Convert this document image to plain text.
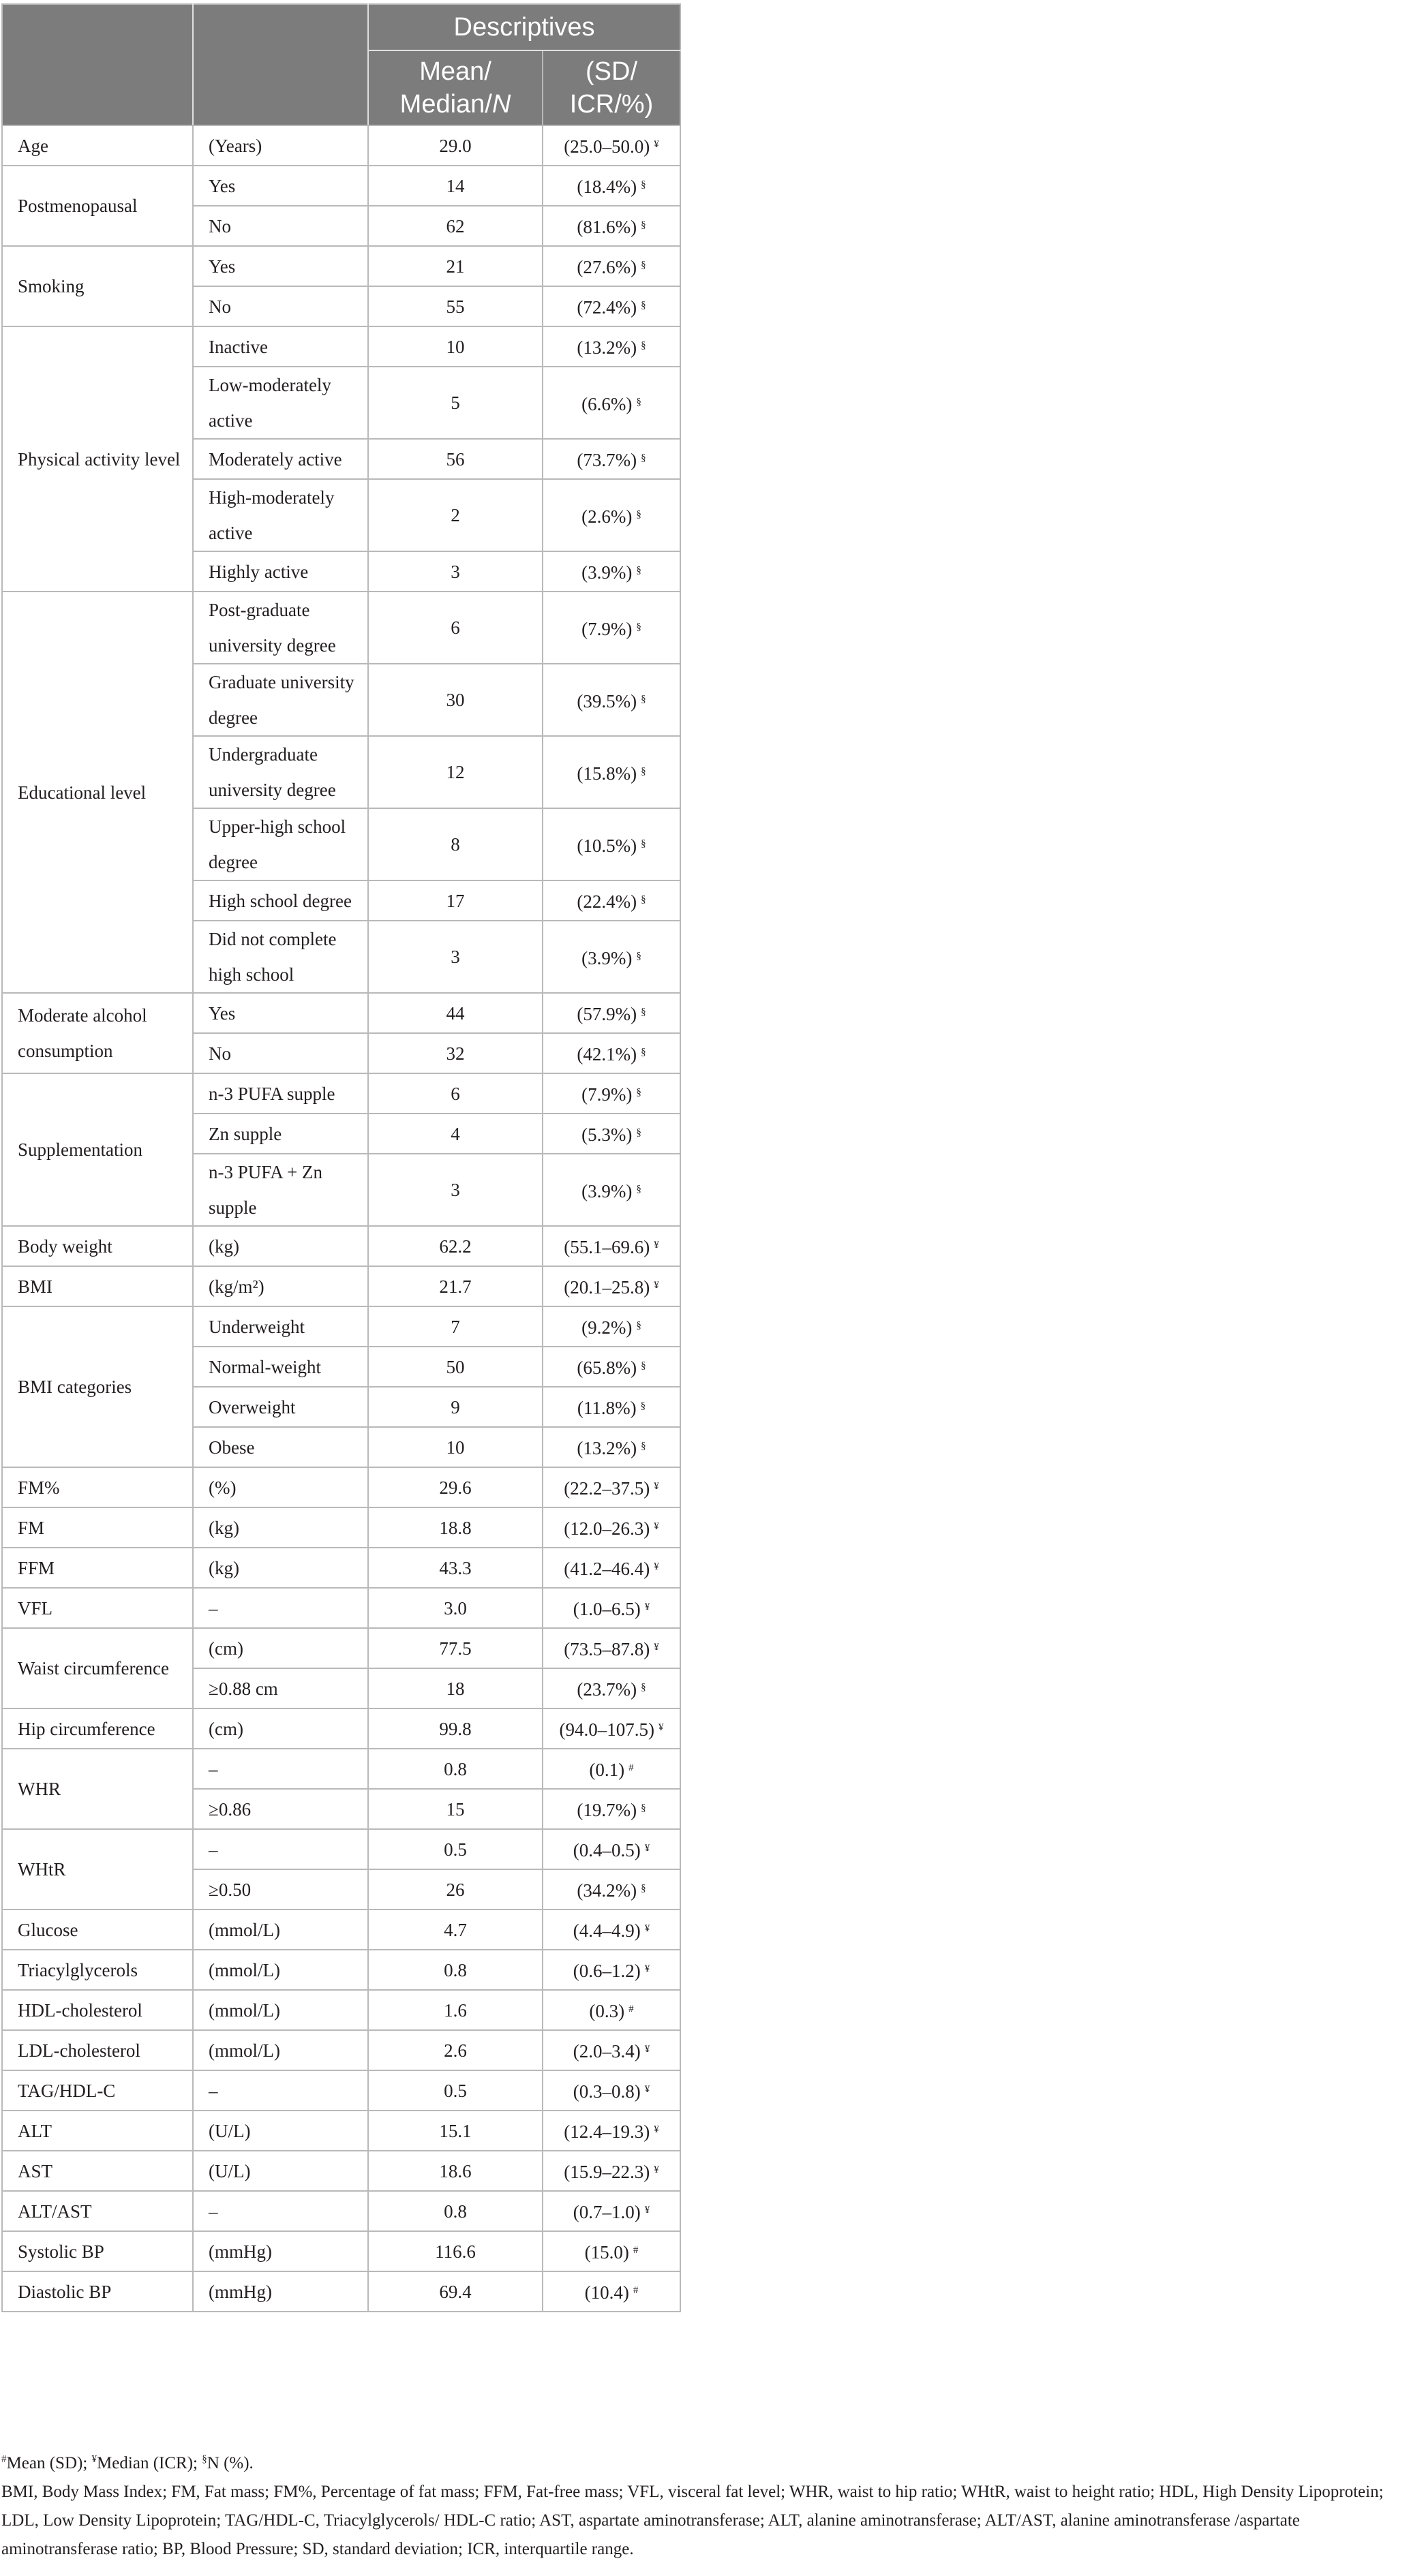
		Descriptives	
		Mean/ Median/N	(SD/ ICR/%)
Age	(Years)	29.0	(25.0–50.0) ¥
Postmenopausal	Yes	14	(18.4%) §
	No	62	(81.6%) §
Smoking	Yes	21	(27.6%) §
	No	55	(72.4%) §
Physical activity level	Inactive	10	(13.2%) §
	Low-moderately active	5	(6.6%) §
	Moderately active	56	(73.7%) §
	High-moderately active	2	(2.6%) §
	Highly active	3	(3.9%) §
Educational level	Post-graduate university degree	6	(7.9%) §
	Graduate university degree	30	(39.5%) §
	Undergraduate university degree	12	(15.8%) §
	Upper-high school degree	8	(10.5%) §
	High school degree	17	(22.4%) §
	Did not complete high school	3	(3.9%) §
Moderate alcohol consumption	Yes	44	(57.9%) §
	No	32	(42.1%) §
Supplementation	n-3 PUFA supple	6	(7.9%) §
	Zn supple	4	(5.3%) §
	n-3 PUFA + Zn supple	3	(3.9%) §
Body weight	(kg)	62.2	(55.1–69.6) ¥
BMI	(kg/m²)	21.7	(20.1–25.8) ¥
BMI categories	Underweight	7	(9.2%) §
	Normal-weight	50	(65.8%) §
	Overweight	9	(11.8%) §
	Obese	10	(13.2%) §
FM%	(%)	29.6	(22.2–37.5) ¥
FM	(kg)	18.8	(12.0–26.3) ¥
FFM	(kg)	43.3	(41.2–46.4) ¥
VFL	–	3.0	(1.0–6.5) ¥
Waist circumference	(cm)	77.5	(73.5–87.8) ¥
	≥0.88 cm	18	(23.7%) §
Hip circumference	(cm)	99.8	(94.0–107.5) ¥
WHR	–	0.8	(0.1) #
	≥0.86	15	(19.7%) §
WHtR	–	0.5	(0.4–0.5) ¥
	≥0.50	26	(34.2%) §
Glucose	(mmol/L)	4.7	(4.4–4.9) ¥
Triacylglycerols	(mmol/L)	0.8	(0.6–1.2) ¥
HDL-cholesterol	(mmol/L)	1.6	(0.3) #
LDL-cholesterol	(mmol/L)	2.6	(2.0–3.4) ¥
TAG/HDL-C	–	0.5	(0.3–0.8) ¥
ALT	(U/L)	15.1	(12.4–19.3) ¥
AST	(U/L)	18.6	(15.9–22.3) ¥
ALT/AST	–	0.8	(0.7–1.0) ¥
Systolic BP	(mmHg)	116.6	(15.0) #
Diastolic BP	(mmHg)	69.4	(10.4) #

#Mean (SD); ¥Median (ICR); §N (%).

BMI, Body Mass Index; FM, Fat mass; FM%, Percentage of fat mass; FFM, Fat-free mass; VFL, visceral fat level; WHR, waist to hip ratio; WHtR, waist to height ratio; HDL, High Density Lipoprotein; LDL, Low Density Lipoprotein; TAG/HDL-C, Triacylglycerols/ HDL-C ratio; AST, aspartate aminotransferase; ALT, alanine aminotransferase; ALT/AST, alanine aminotransferase /aspartate aminotransferase ratio; BP, Blood Pressure; SD, standard deviation; ICR, interquartile range.
